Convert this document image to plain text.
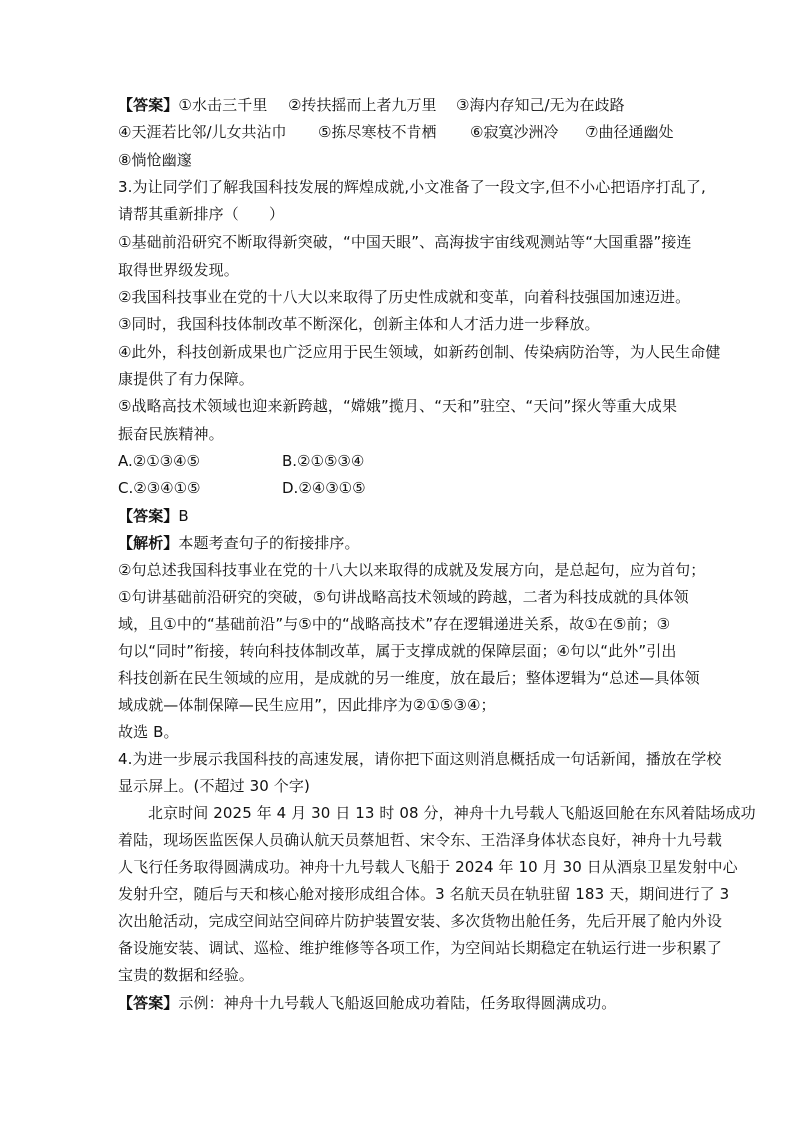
【答案】①水击三千里 ②抟扶摇而上者九万里 ③海内存知己/无为在歧路
④天涯若比邻/儿女共沾巾 ⑤拣尽寒枝不肯栖 ⑥寂寞沙洲冷 ⑦曲径通幽处
⑧惝怆幽邃
3.为让同学们了解我国科技发展的辉煌成就,小文准备了一段文字,但不小心把语序打乱了,
请帮其重新排序（　　）
①基础前沿研究不断取得新突破，“中国天眼”、高海拔宇宙线观测站等“大国重器”接连
取得世界级发现。
②我国科技事业在党的十八大以来取得了历史性成就和变革，向着科技强国加速迈进。
③同时，我国科技体制改革不断深化，创新主体和人才活力进一步释放。
④此外，科技创新成果也广泛应用于民生领域，如新药创制、传染病防治等，为人民生命健
康提供了有力保障。
⑤战略高技术领域也迎来新跨越，“嫦娥”揽月、“天和”驻空、“天问”探火等重大成果
振奋民族精神。
A.②①③④⑤	B.②①⑤③④
C.②③④①⑤	D.②④③①⑤
【答案】B
【解析】本题考查句子的衔接排序。
②句总述我国科技事业在党的十八大以来取得的成就及发展方向，是总起句，应为首句；
①句讲基础前沿研究的突破，⑤句讲战略高技术领域的跨越，二者为科技成就的具体领
域，且①中的“基础前沿”与⑤中的“战略高技术”存在逻辑递进关系，故①在⑤前；③
句以“同时”衔接，转向科技体制改革，属于支撑成就的保障层面；④句以“此外”引出
科技创新在民生领域的应用，是成就的另一维度，放在最后；整体逻辑为“总述—具体领
域成就—体制保障—民生应用”，因此排序为②①⑤③④；
故选 B。
4.为进一步展示我国科技的高速发展，请你把下面这则消息概括成一句话新闻，播放在学校
显示屏上。(不超过 30 个字)
北京时间 2025 年 4 月 30 日 13 时 08 分，神舟十九号载人飞船返回舱在东风着陆场成功
着陆，现场医监医保人员确认航天员蔡旭哲、宋令东、王浩泽身体状态良好，神舟十九号载
人飞行任务取得圆满成功。神舟十九号载人飞船于 2024 年 10 月 30 日从酒泉卫星发射中心
发射升空，随后与天和核心舱对接形成组合体。3 名航天员在轨驻留 183 天，期间进行了 3
次出舱活动，完成空间站空间碎片防护装置安装、多次货物出舱任务，先后开展了舱内外设
备设施安装、调试、巡检、维护维修等各项工作，为空间站长期稳定在轨运行进一步积累了
宝贵的数据和经验。
【答案】示例：神舟十九号载人飞船返回舱成功着陆，任务取得圆满成功。
